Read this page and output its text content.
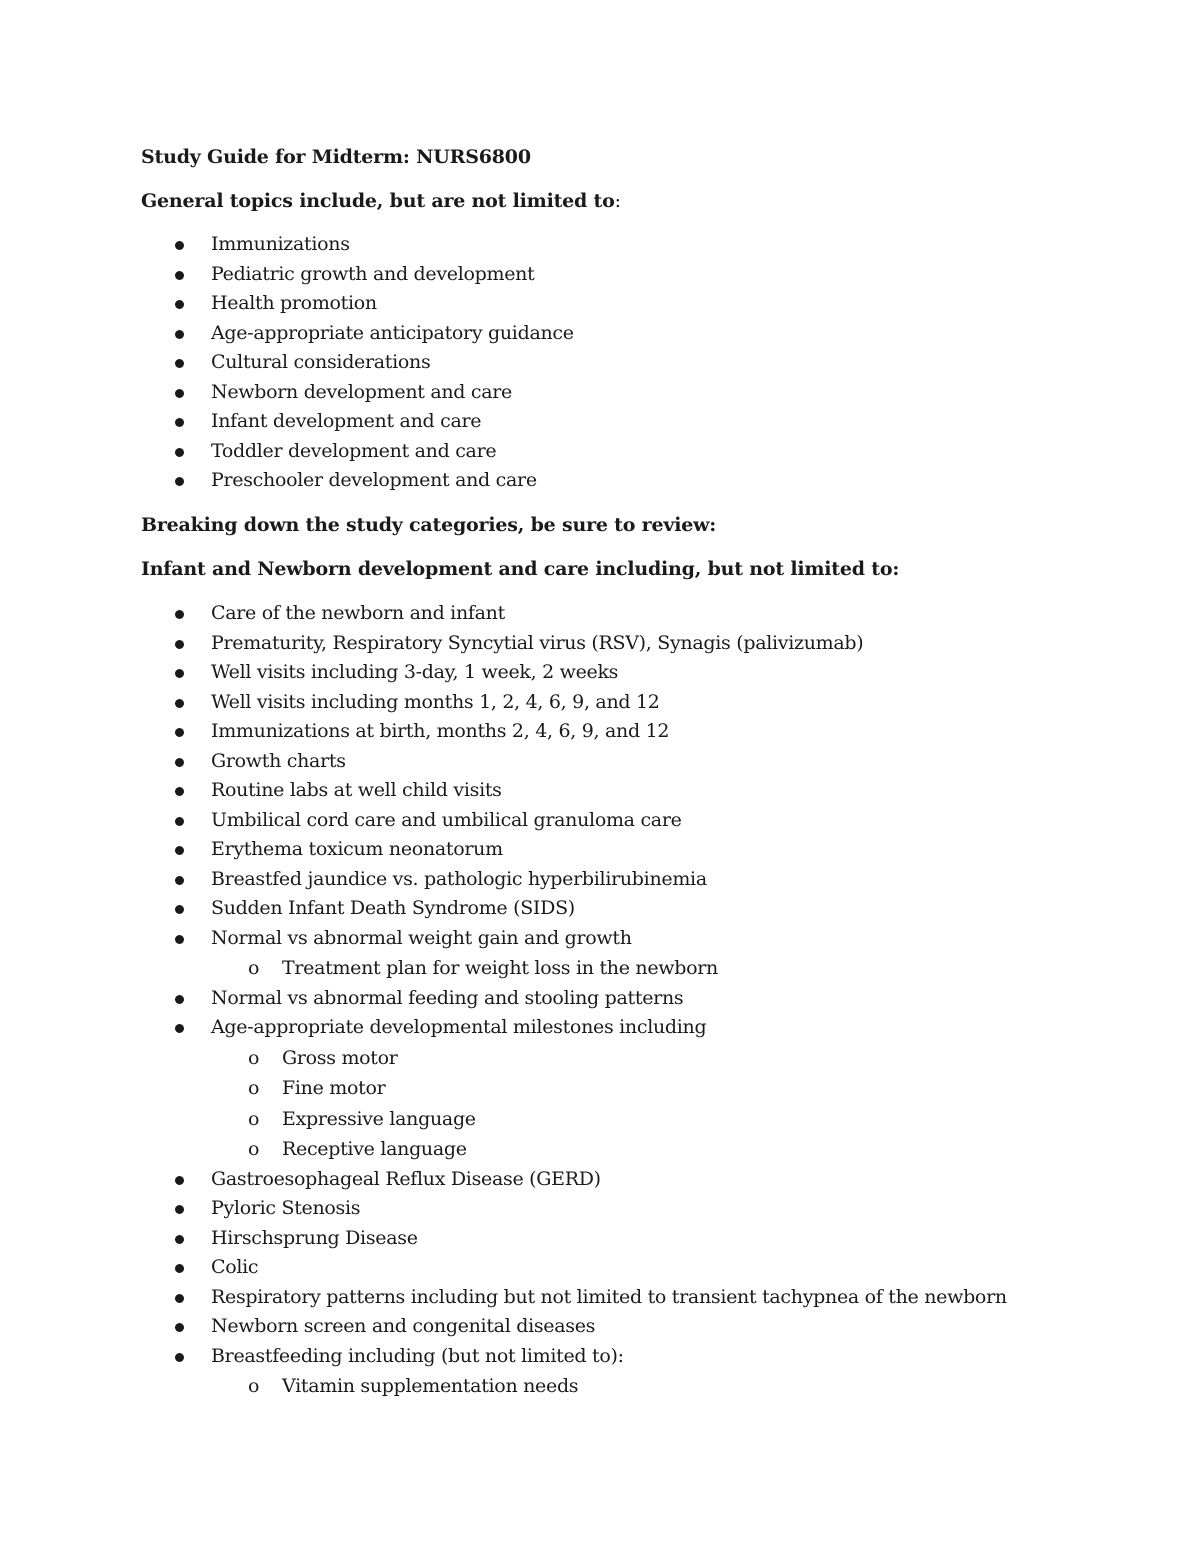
Study Guide for Midterm: NURS6800
General topics include, but are not limited to:
Immunizations
Pediatric growth and development
Health promotion
Age-appropriate anticipatory guidance
Cultural considerations
Newborn development and care
Infant development and care
Toddler development and care
Preschooler development and care
Breaking down the study categories, be sure to review:
Infant and Newborn development and care including, but not limited to:
Care of the newborn and infant
Prematurity, Respiratory Syncytial virus (RSV), Synagis (palivizumab)
Well visits including 3-day, 1 week, 2 weeks
Well visits including months 1, 2, 4, 6, 9, and 12
Immunizations at birth, months 2, 4, 6, 9, and 12
Growth charts
Routine labs at well child visits
Umbilical cord care and umbilical granuloma care
Erythema toxicum neonatorum
Breastfed jaundice vs. pathologic hyperbilirubinemia
Sudden Infant Death Syndrome (SIDS)
Normal vs abnormal weight gain and growth
o Treatment plan for weight loss in the newborn
Normal vs abnormal feeding and stooling patterns
Age-appropriate developmental milestones including
o Gross motor
o Fine motor
o Expressive language
o Receptive language
Gastroesophageal Reflux Disease (GERD)
Pyloric Stenosis
Hirschsprung Disease
Colic
Respiratory patterns including but not limited to transient tachypnea of the newborn
Newborn screen and congenital diseases
Breastfeeding including (but not limited to):
o Vitamin supplementation needs
